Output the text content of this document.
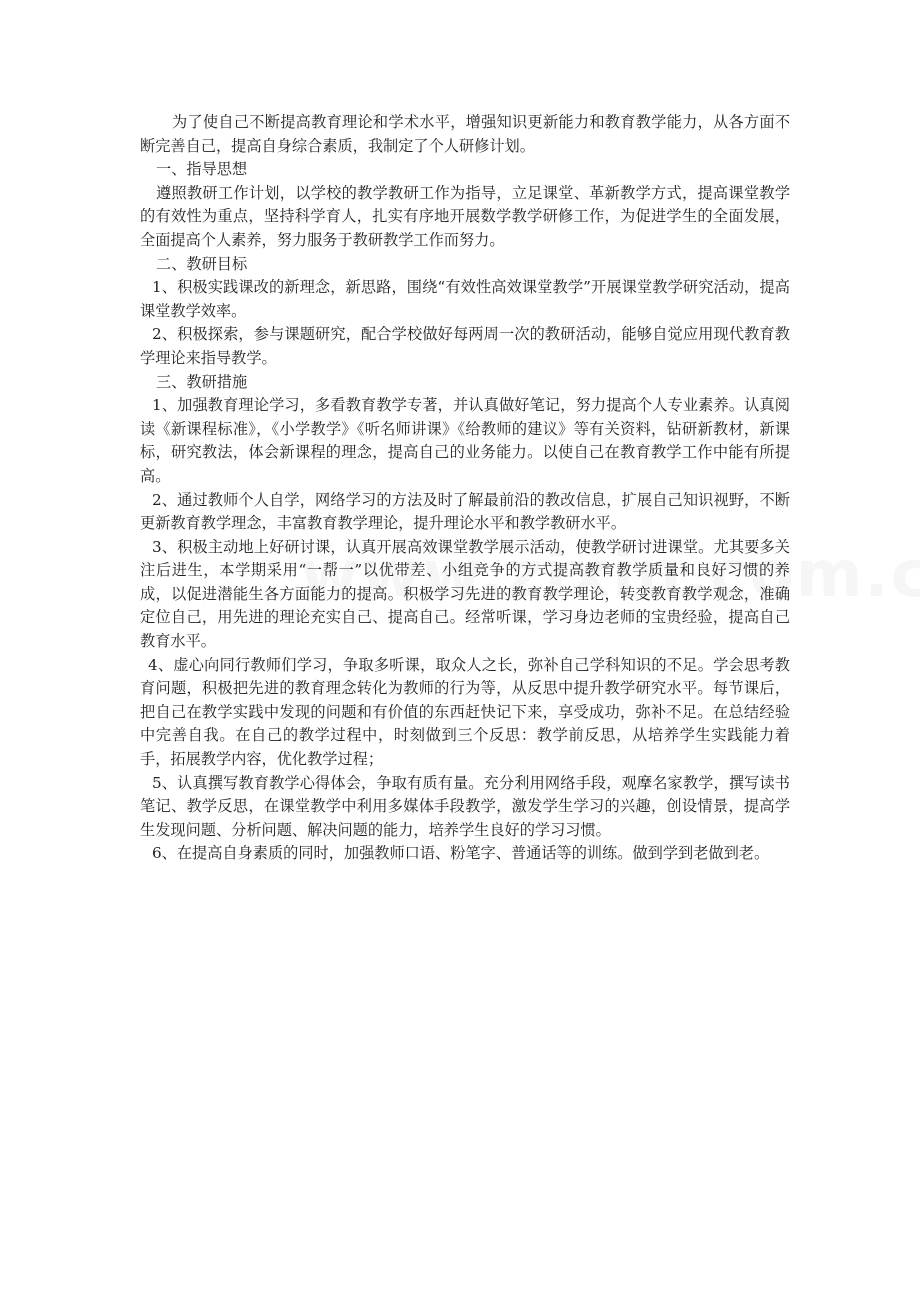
为了使自己不断提高教育理论和学术水平，增强知识更新能力和教育教学能力，从各方面不断完善自己，提高自身综合素质，我制定了个人研修计划。

一、指导思想

遵照教研工作计划，以学校的教学教研工作为指导，立足课堂、革新教学方式，提高课堂教学的有效性为重点，坚持科学育人，扎实有序地开展数学教学研修工作，为促进学生的全面发展，全面提高个人素养，努力服务于教研教学工作而努力。

二、教研目标

1、积极实践课改的新理念，新思路，围绕“有效性高效课堂教学”开展课堂教学研究活动，提高课堂教学效率。

2、积极探索，参与课题研究，配合学校做好每两周一次的教研活动，能够自觉应用现代教育教学理论来指导教学。

三、教研措施

1、加强教育理论学习，多看教育教学专著，并认真做好笔记，努力提高个人专业素养。认真阅读《新课程标准》，《小学教学》《听名师讲课》《给教师的建议》等有关资料，钻研新教材，新课标，研究教法，体会新课程的理念，提高自己的业务能力。以使自己在教育教学工作中能有所提高。

2、通过教师个人自学，网络学习的方法及时了解最前沿的教改信息，扩展自己知识视野，不断更新教育教学理念，丰富教育教学理论，提升理论水平和教学教研水平。

3、积极主动地上好研讨课，认真开展高效课堂教学展示活动，使教学研讨进课堂。尤其要多关注后进生，本学期采用“一帮一”以优带差、小组竞争的方式提高教育教学质量和良好习惯的养成，以促进潜能生各方面能力的提高。积极学习先进的教育教学理论，转变教育教学观念，准确定位自己，用先进的理论充实自己、提高自己。经常听课，学习身边老师的宝贵经验，提高自己教育水平。

4、虚心向同行教师们学习，争取多听课，取众人之长，弥补自己学科知识的不足。学会思考教育问题，积极把先进的教育理念转化为教师的行为等，从反思中提升教学研究水平。每节课后，把自己在教学实践中发现的问题和有价值的东西赶快记下来，享受成功，弥补不足。在总结经验中完善自我。在自己的教学过程中，时刻做到三个反思：教学前反思，从培养学生实践能力着手，拓展教学内容，优化教学过程；

5、认真撰写教育教学心得体会，争取有质有量。充分利用网络手段，观摩名家教学，撰写读书笔记、教学反思，在课堂教学中利用多媒体手段教学，激发学生学习的兴趣，创设情景，提高学生发现问题、分析问题、解决问题的能力，培养学生良好的学习习惯。

6、在提高自身素质的同时，加强教师口语、粉笔字、普通话等的训练。做到学到老做到老。
